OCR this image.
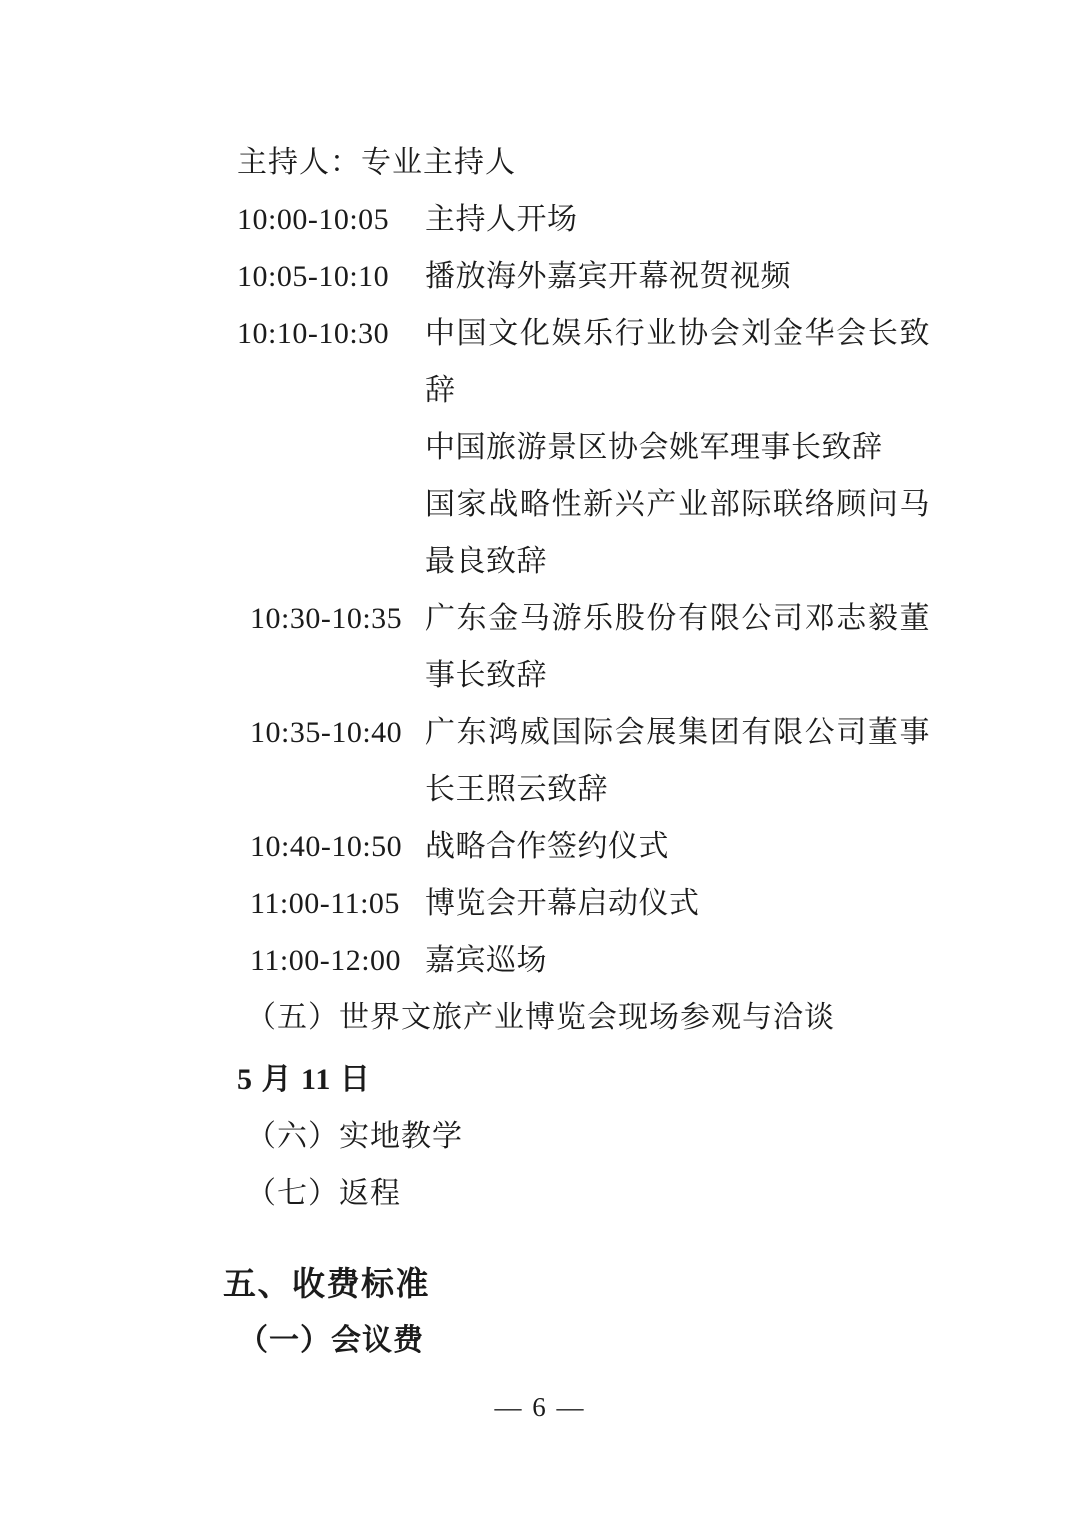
主持人：专业主持人
10:00-10:05	主持人开场
10:05-10:10	播放海外嘉宾开幕祝贺视频
10:10-10:30	中国文化娱乐行业协会刘金华会长致辞
中国旅游景区协会姚军理事长致辞
国家战略性新兴产业部际联络顾问马最良致辞
10:30-10:35 广东金马游乐股份有限公司邓志毅董事长致辞
10:35-10:40 广东鸿威国际会展集团有限公司董事长王照云致辞
10:40-10:50 战略合作签约仪式
11:00-11:05 博览会开幕启动仪式
11:00-12:00 嘉宾巡场
（五）世界文旅产业博览会现场参观与洽谈
5 月 11 日
（六）实地教学
（七）返程
五、收费标准
（一）会议费
— 6 —
